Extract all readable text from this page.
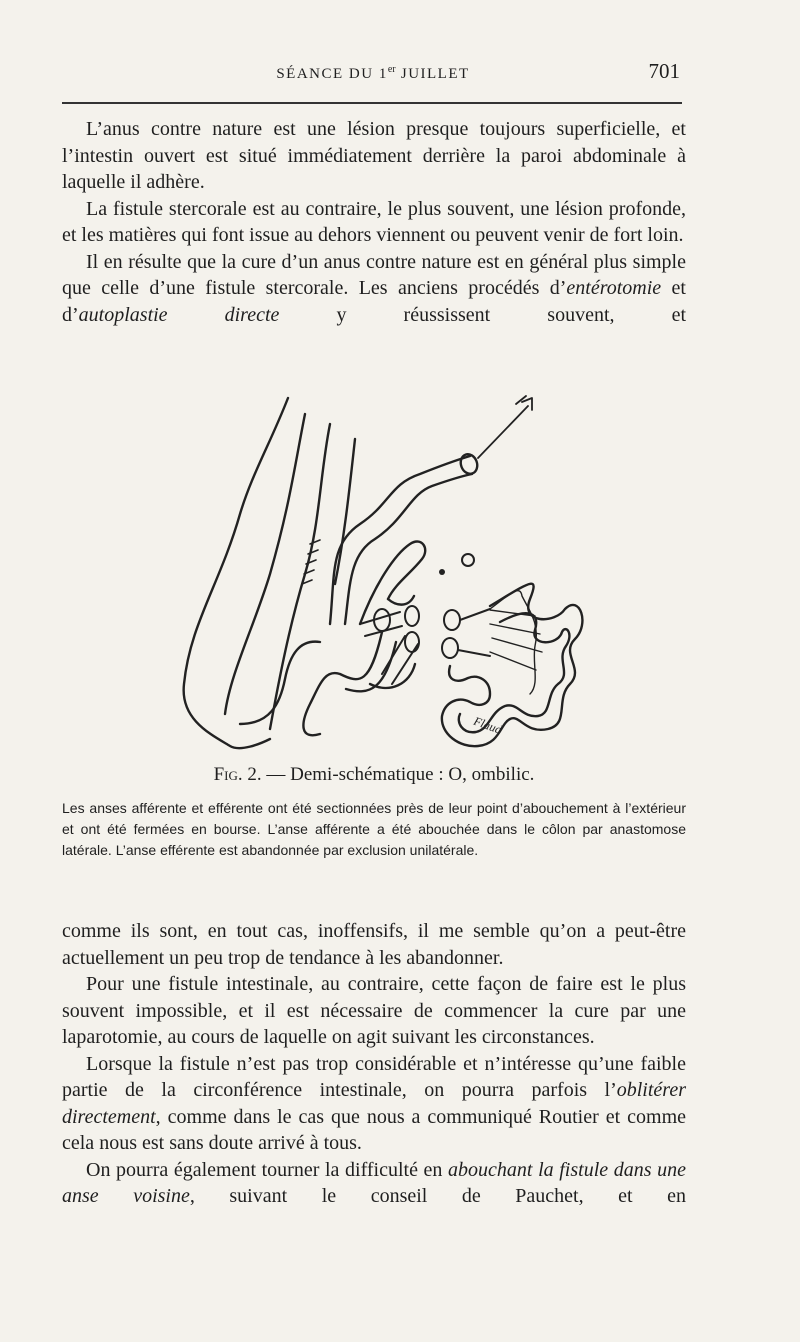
SÉANCE DU 1er JUILLET	701

L’anus contre nature est une lésion presque toujours superficielle, et l’intestin ouvert est situé immédiatement derrière la paroi abdominale à laquelle il adhère.

La fistule stercorale est au contraire, le plus souvent, une lésion profonde, et les matières qui font issue au dehors viennent ou peuvent venir de fort loin.

Il en résulte que la cure d’un anus contre nature est en général plus simple que celle d’une fistule stercorale. Les anciens procédés d’entérotomie et d’autoplastie directe y réussissent souvent, et

Flaud
Fig. 2. — Demi-schématique : O, ombilic.
Les anses afférente et efférente ont été sectionnées près de leur point d’abouchement à l’extérieur et ont été fermées en bourse. L’anse afférente a été abouchée dans le côlon par anastomose latérale. L’anse efférente est abandonnée par exclusion unilatérale.

comme ils sont, en tout cas, inoffensifs, il me semble qu’on a peut-être actuellement un peu trop de tendance à les abandonner.

Pour une fistule intestinale, au contraire, cette façon de faire est le plus souvent impossible, et il est nécessaire de commencer la cure par une laparotomie, au cours de laquelle on agit suivant les circonstances.

Lorsque la fistule n’est pas trop considérable et n’intéresse qu’une faible partie de la circonférence intestinale, on pourra parfois l’oblitérer directement, comme dans le cas que nous a communiqué Routier et comme cela nous est sans doute arrivé à tous.

On pourra également tourner la difficulté en abouchant la fistule dans une anse voisine, suivant le conseil de Pauchet, et en
